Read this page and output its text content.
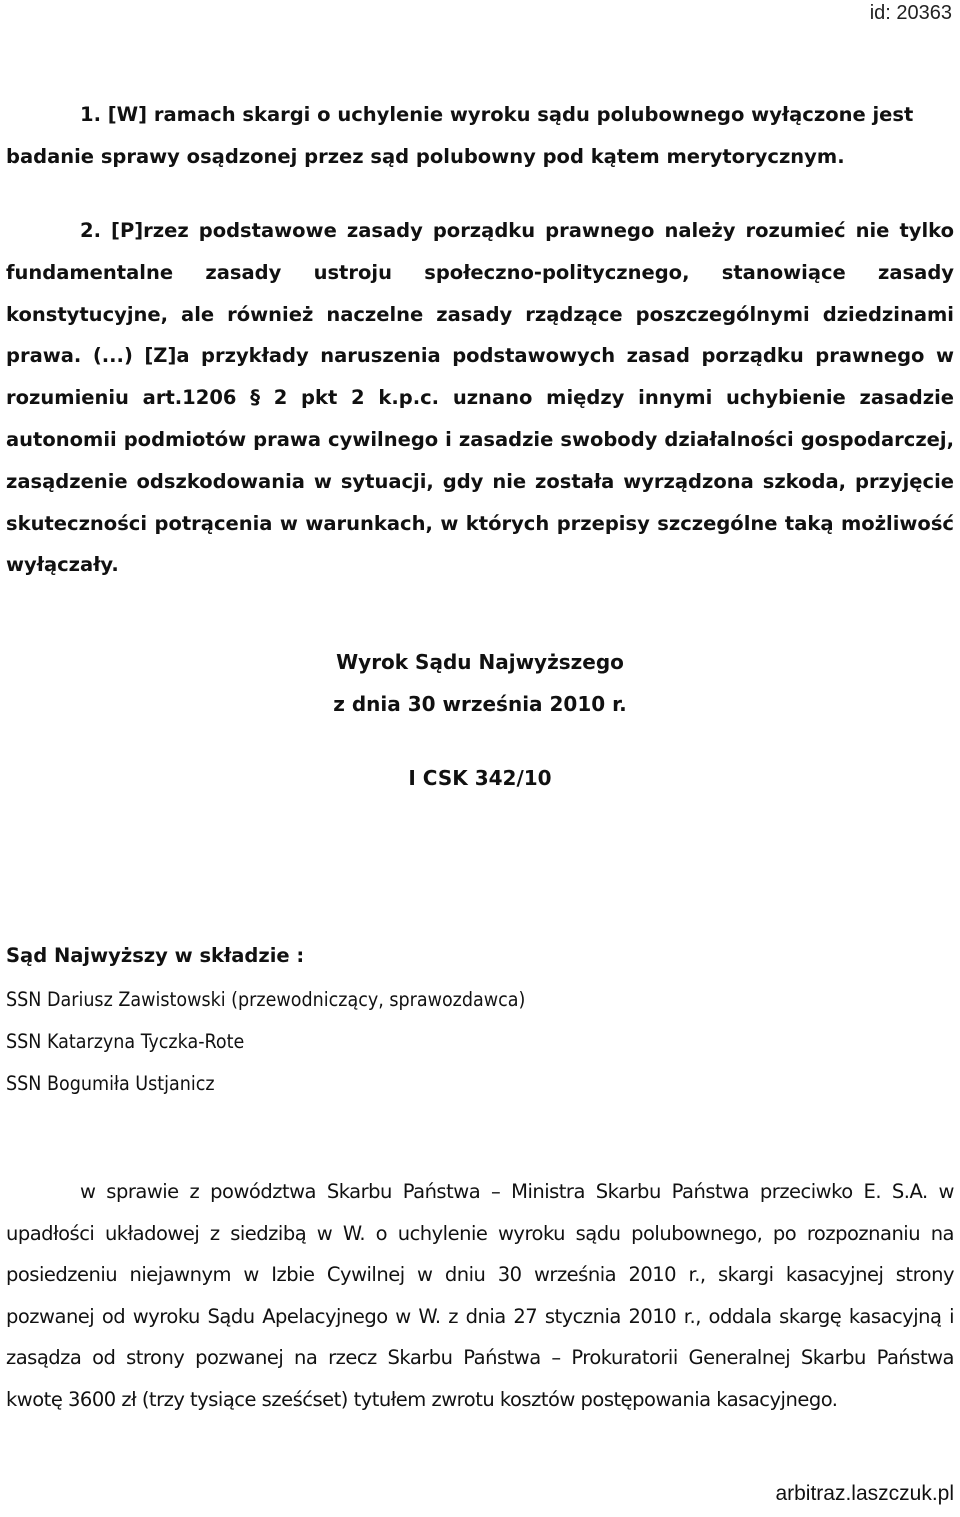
id: 20363

1. [W] ramach skargi o uchylenie wyroku sądu polubownego wyłączone jest badanie sprawy osądzonej przez sąd polubowny pod kątem merytorycznym.

2. [P]rzez podstawowe zasady porządku prawnego należy rozumieć nie tylko fundamentalne zasady ustroju społeczno-politycznego, stanowiące zasady konstytucyjne, ale również naczelne zasady rządzące poszczególnymi dziedzinami prawa. (...) [Z]a przykłady naruszenia podstawowych zasad porządku prawnego w rozumieniu art.1206 § 2 pkt 2 k.p.c. uznano między innymi uchybienie zasadzie autonomii podmiotów prawa cywilnego i zasadzie swobody działalności gospodarczej, zasądzenie odszkodowania w sytuacji, gdy nie została wyrządzona szkoda, przyjęcie skuteczności potrącenia w warunkach, w których przepisy szczególne taką możliwość wyłączały.

Wyrok Sądu Najwyższego
z dnia 30 września 2010 r.
I CSK 342/10
Sąd Najwyższy w składzie :
SSN Dariusz Zawistowski (przewodniczący, sprawozdawca)
SSN Katarzyna Tyczka-Rote
SSN Bogumiła Ustjanicz

w sprawie z powództwa Skarbu Państwa – Ministra Skarbu Państwa przeciwko E. S.A. w upadłości układowej z siedzibą w W. o uchylenie wyroku sądu polubownego, po rozpoznaniu na posiedzeniu niejawnym w Izbie Cywilnej w dniu 30 września 2010 r., skargi kasacyjnej strony pozwanej od wyroku Sądu Apelacyjnego w W. z dnia 27 stycznia 2010 r., oddala skargę kasacyjną i zasądza od strony pozwanej na rzecz Skarbu Państwa – Prokuratorii Generalnej Skarbu Państwa kwotę 3600 zł (trzy tysiące sześćset) tytułem zwrotu kosztów postępowania kasacyjnego.

arbitraz.laszczuk.pl
